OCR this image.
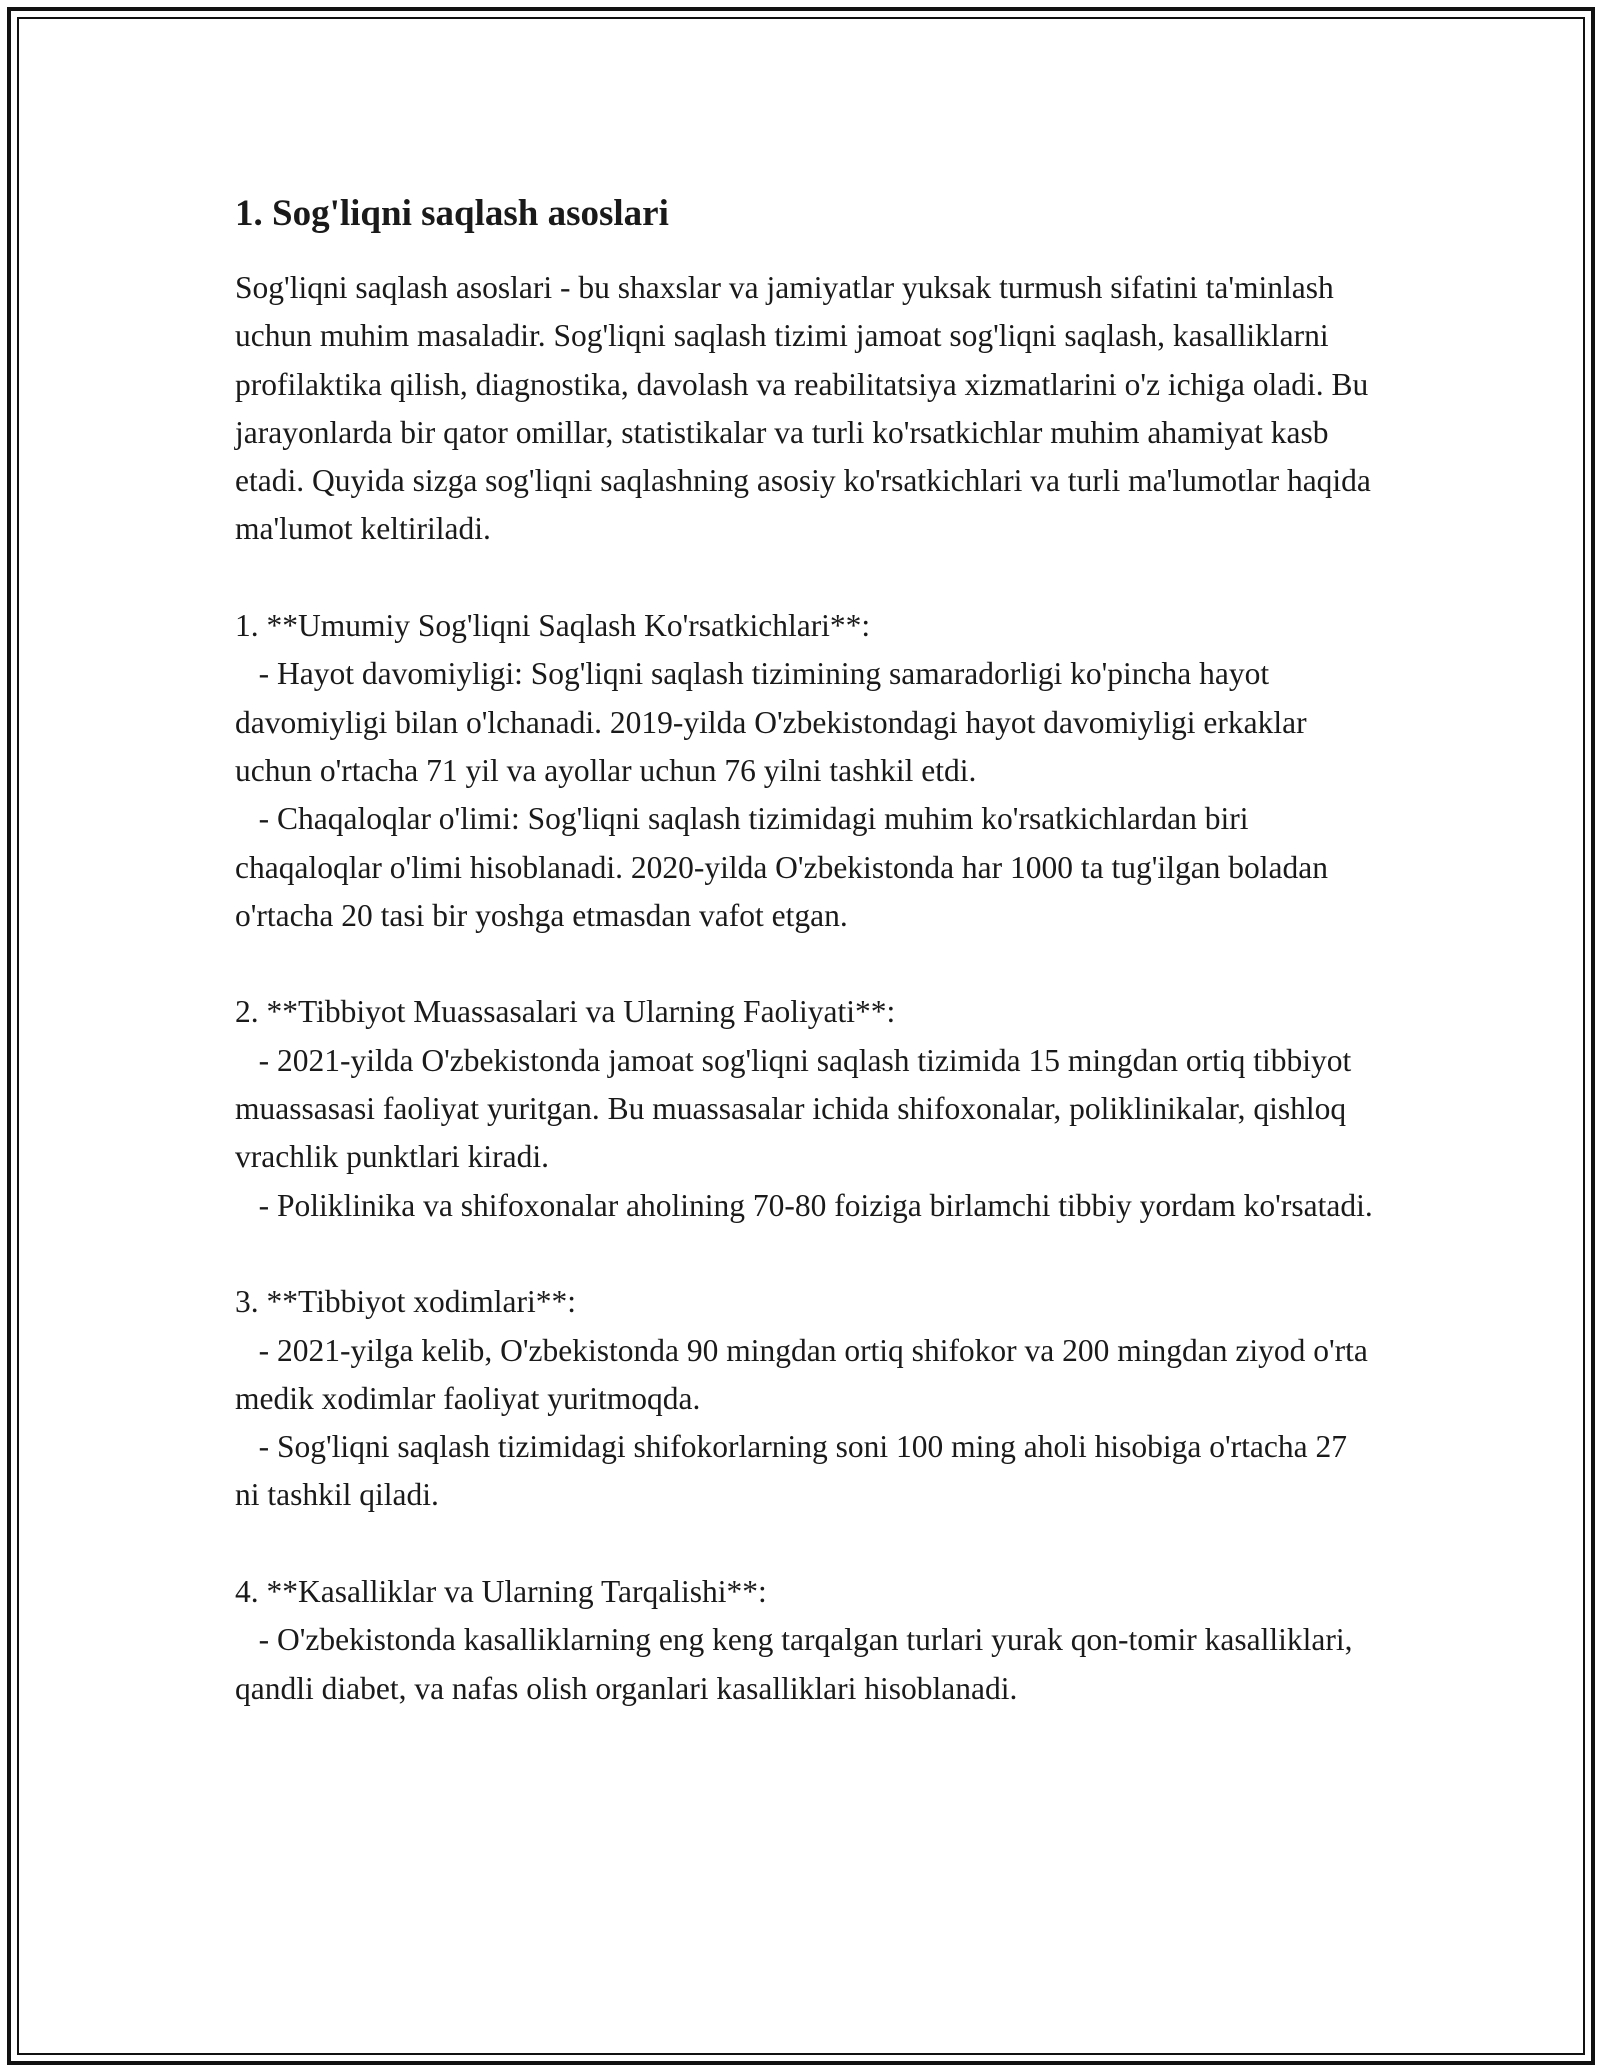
1. Sog'liqni saqlash asoslari

Sog'liqni saqlash asoslari - bu shaxslar va jamiyatlar yuksak turmush sifatini ta'minlash uchun muhim masaladir. Sog'liqni saqlash tizimi jamoat sog'liqni saqlash, kasalliklarni profilaktika qilish, diagnostika, davolash va reabilitatsiya xizmatlarini o'z ichiga oladi. Bu jarayonlarda bir qator omillar, statistikalar va turli ko'rsatkichlar muhim ahamiyat kasb etadi. Quyida sizga sog'liqni saqlashning asosiy ko'rsatkichlari va turli ma'lumotlar haqida ma'lumot keltiriladi.

1. **Umumiy Sog'liqni Saqlash Ko'rsatkichlari**:

- Hayot davomiyligi: Sog'liqni saqlash tizimining samaradorligi ko'pincha hayot davomiyligi bilan o'lchanadi. 2019-yilda O'zbekistondagi hayot davomiyligi erkaklar uchun o'rtacha 71 yil va ayollar uchun 76 yilni tashkil etdi.

- Chaqaloqlar o'limi: Sog'liqni saqlash tizimidagi muhim ko'rsatkichlardan biri chaqaloqlar o'limi hisoblanadi. 2020-yilda O'zbekistonda har 1000 ta tug'ilgan boladan o'rtacha 20 tasi bir yoshga etmasdan vafot etgan.

2. **Tibbiyot Muassasalari va Ularning Faoliyati**:

- 2021-yilda O'zbekistonda jamoat sog'liqni saqlash tizimida 15 mingdan ortiq tibbiyot muassasasi faoliyat yuritgan. Bu muassasalar ichida shifoxonalar, poliklinikalar, qishloq vrachlik punktlari kiradi.

- Poliklinika va shifoxonalar aholining 70-80 foiziga birlamchi tibbiy yordam ko'rsatadi.

3. **Tibbiyot xodimlari**:

- 2021-yilga kelib, O'zbekistonda 90 mingdan ortiq shifokor va 200 mingdan ziyod o'rta medik xodimlar faoliyat yuritmoqda.

- Sog'liqni saqlash tizimidagi shifokorlarning soni 100 ming aholi hisobiga o'rtacha 27 ni tashkil qiladi.

4. **Kasalliklar va Ularning Tarqalishi**:

- O'zbekistonda kasalliklarning eng keng tarqalgan turlari yurak qon-tomir kasalliklari, qandli diabet, va nafas olish organlari kasalliklari hisoblanadi.
